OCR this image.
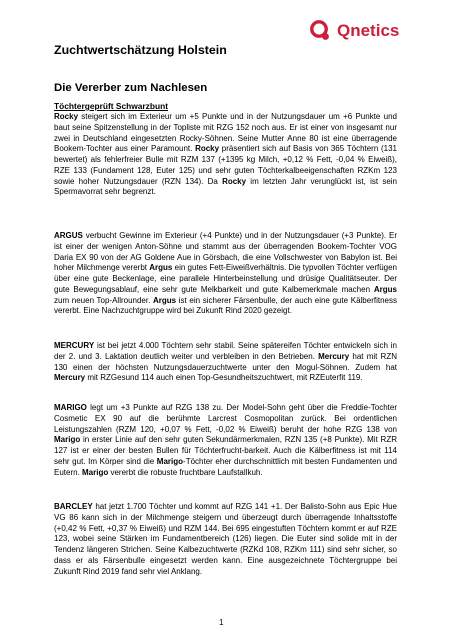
Qnetics
Zuchtwertschätzung Holstein
Die Vererber zum Nachlesen
Töchtergeprüft Schwarzbunt

Rocky steigert sich im Exterieur um +5 Punkte und in der Nutzungsdauer um +6 Punkte und baut seine Spitzenstellung in der Topliste mit RZG 152 noch aus. Er ist einer von insgesamt nur zwei in Deutschland eingesetzten Rocky-Söhnen. Seine Mutter Anne 80 ist eine überragende Bookem-Tochter aus einer Paramount. Rocky präsentiert sich auf Basis von 365 Töchtern (131 bewertet) als fehlerfreier Bulle mit RZM 137 (+1395 kg Milch, +0,12 % Fett, -0,04 % Eiweiß), RZE 133 (Fundament 128, Euter 125) und sehr guten Töchterkalbeeigenschaften RZKm 123 sowie hoher Nutzungsdauer (RZN 134). Da Rocky im letzten Jahr verunglückt ist, ist sein Spermavorrat sehr begrenzt.

ARGUS verbucht Gewinne im Exterieur (+4 Punkte) und in der Nutzungsdauer (+3 Punkte). Er ist einer der wenigen Anton-Söhne und stammt aus der überragenden Bookem-Tochter VOG Daria EX 90 von der AG Goldene Aue in Görsbach, die eine Vollschwester von Babylon ist. Bei hoher Milchmenge vererbt Argus ein gutes Fett-Eiweißverhältnis. Die typvollen Töchter verfügen über eine gute Beckenlage, eine parallele Hinterbeinstellung und drüsige Qualitätseuter. Der gute Bewegungsablauf, eine sehr gute Melkbarkeit und gute Kalbemerkmale machen Argus zum neuen Top-Allrounder. Argus ist ein sicherer Färsenbulle, der auch eine gute Kälberfitness vererbt. Eine Nachzuchtgruppe wird bei Zukunft Rind 2020 gezeigt.

MERCURY ist bei jetzt 4.000 Töchtern sehr stabil. Seine spätereifen Töchter entwickeln sich in der 2. und 3. Laktation deutlich weiter und verbleiben in den Betrieben. Mercury hat mit RZN 130 einen der höchsten Nutzungsdauerzuchtwerte unter den Mogul-Söhnen. Zudem hat Mercury mit RZGesund 114 auch einen Top-Gesundheitszuchtwert, mit RZEuterfit 119.

MARIGO legt um +3 Punkte auf RZG 138 zu. Der Model-Sohn geht über die Freddie-Tochter Cosmetic EX 90 auf die berühmte Larcrest Cosmopolitan zurück. Bei ordentlichen Leistungszahlen (RZM 120, +0,07 % Fett, -0,02 % Eiweiß) beruht der hohe RZG 138 von Marigo in erster Linie auf den sehr guten Sekundärmerkmalen, RZN 135 (+8 Punkte). Mit RZR 127 ist er einer der besten Bullen für Töchterfrucht-barkeit. Auch die Kälberfitness ist mit 114 sehr gut. Im Körper sind die Marigo-Töchter eher durchschnittlich mit besten Fundamenten und Eutern. Marigo vererbt die robuste fruchtbare Laufstallkuh.

BARCLEY hat jetzt 1.700 Töchter und kommt auf RZG 141 +1. Der Balisto-Sohn aus Epic Hue VG 86 kann sich in der Milchmenge steigern und überzeugt durch überragende Inhaltsstoffe (+0,42 % Fett, +0,37 % Eiweiß) und RZM 144. Bei 695 eingestuften Töchtern kommt er auf RZE 123, wobei seine Stärken im Fundamentbereich (126) liegen. Die Euter sind solide mit in der Tendenz längeren Strichen. Seine Kalbezuchtwerte (RZKd 108, RZKm 111) sind sehr sicher, so dass er als Färsenbulle eingesetzt werden kann. Eine ausgezeichnete Töchtergruppe bei Zukunft Rind 2019 fand sehr viel Anklang.

1
